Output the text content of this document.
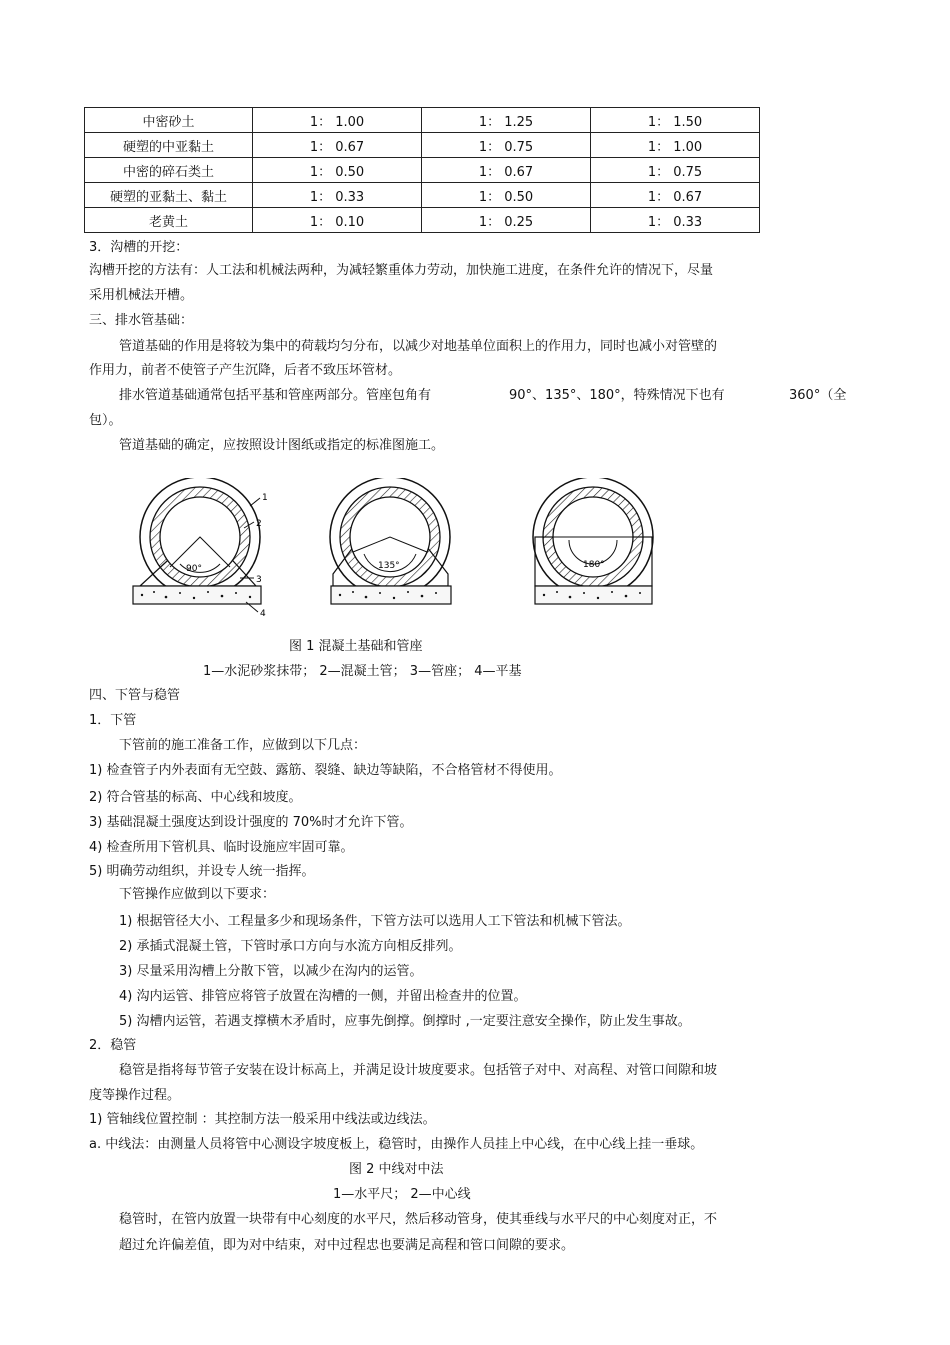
中密砂土	1： 1.00	1： 1.25	1： 1.50
硬塑的中亚黏土	1： 0.67	1： 0.75	1： 1.00
中密的碎石类土	1： 0.50	1： 0.67	1： 0.75
硬塑的亚黏土、黏土	1： 0.33	1： 0.50	1： 0.67
老黄土	1： 0.10	1： 0.25	1： 0.33
3．沟槽的开挖：
沟槽开挖的方法有：人工法和机械法两种，为减轻繁重体力劳动，加快施工进度，在条件允许的情况下，尽量
采用机械法开槽。
三、排水管基础：
管道基础的作用是将较为集中的荷载均匀分布，以减少对地基单位面积上的作用力，同时也减小对管壁的
作用力，前者不使管子产生沉降，后者不致压坏管材。
排水管道基础通常包括平基和管座两部分。管座包角有	90°、135°、180°，特殊情况下也有	360°（全
包）。
管道基础的确定，应按照设计图纸或指定的标准图施工。
90°
1
2
3
4
135°	180°
图 1 混凝土基础和管座
1—水泥砂浆抹带； 2—混凝土管； 3—管座； 4—平基
四、下管与稳管
1．下管
下管前的施工准备工作，应做到以下几点：
1) 检查管子内外表面有无空鼓、露筋、裂缝、缺边等缺陷，不合格管材不得使用。
2) 符合管基的标高、中心线和坡度。
3) 基础混凝土强度达到设计强度的 70%时才允许下管。
4) 检查所用下管机具、临时设施应牢固可靠。
5) 明确劳动组织，并设专人统一指挥。
下管操作应做到以下要求：
1) 根据管径大小、工程量多少和现场条件，下管方法可以选用人工下管法和机械下管法。
2) 承插式混凝土管，下管时承口方向与水流方向相反排列。
3) 尽量采用沟槽上分散下管，以减少在沟内的运管。
4) 沟内运管、排管应将管子放置在沟槽的一侧，并留出检查井的位置。
5) 沟槽内运管，若遇支撑横木矛盾时，应事先倒撑。倒撑时 ,一定要注意安全操作，防止发生事故。
2．稳管
稳管是指将每节管子安装在设计标高上，并满足设计坡度要求。包括管子对中、对高程、对管口间隙和坡
度等操作过程。
1) 管轴线位置控制 ：其控制方法一般采用中线法或边线法。
a. 中线法：由测量人员将管中心测设字坡度板上，稳管时，由操作人员挂上中心线，在中心线上挂一垂球。
图 2 中线对中法
1—水平尺； 2—中心线
稳管时，在管内放置一块带有中心刻度的水平尺，然后移动管身，使其垂线与水平尺的中心刻度对正，不
超过允许偏差值，即为对中结束，对中过程忠也要满足高程和管口间隙的要求。
